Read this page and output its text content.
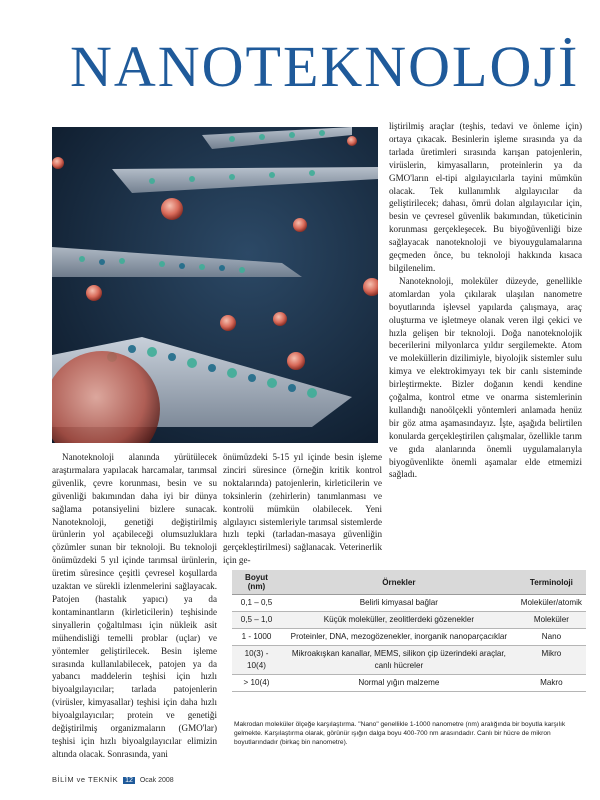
NANOTEKNOLOJİ

liştirilmiş araçlar (teşhis, tedavi ve önleme için) ortaya çıkacak. Besinlerin işleme sırasında ya da tarlada üretimleri sırasında karışan patojenlerin, virüslerin, kimyasalların, proteinlerin ya da GMO'ların el-tipi algılayıcılarla tayini mümkün olacak. Tek kullanımlık algılayıcılar da geliştirilecek; dahası, ömrü dolan algılayıcılar için, besin ve çevresel güvenlik bakımından, tüketicinin korunması gerçekleşecek. Bu biyoğüvenliği bize sağlayacak nanoteknoloji ve biyouygulamalarına geçmeden önce, bu teknoloji hakkında kısaca bilgilenelim.

Nanoteknoloji, moleküler düzeyde, genellikle atomlardan yola çıkılarak ulaşılan nanometre boyutlarında işlevsel yapılarda çalışmaya, araç oluşturma ve işletmeye olanak veren ilgi çekici ve hızla gelişen bir teknoloji. Doğa nanoteknolojik becerilerini milyonlarca yıldır sergilemekte. Atom ve moleküllerin dizilimiyle, biyolojik sistemler sulu kimya ve elektrokimyayı tek bir canlı sisteminde birleştirmekte. Bizler doğanın kendi kendine çoğalma, kontrol etme ve onarma sistemlerinin kullandığı nanoölçekli yöntemleri anlamada henüz bir göz atma aşamasındayız. İşte, aşağıda belirtilen konularda gerçekleştirilen çalışmalar, özellikle tarım ve gıda alanlarında önemli uygulamalarıyla biyogüvenlikte önemli aşamalar elde etmemizi sağladı.

Nanoteknoloji alanında yürütülecek araştırmalara yapılacak harcamalar, tarımsal güvenlik, çevre korunması, besin ve su güvenliği bakımından daha iyi bir dünya sağlama potansiyelini bizlere sunacak. Nanoteknoloji, genetiği değiştirilmiş ürünlerin yol açabileceği olumsuzluklara çözümler sunan bir teknoloji. Bu teknoloji önümüzdeki 5 yıl içinde tarımsal ürünlerin, üretim süresince çeşitli çevresel koşullarda uzaktan ve sürekli izlenmelerini sağlayacak. Patojen (hastalık yapıcı) ya da kontaminantların (kirleticilerin) teşhisinde sinyallerin çoğaltılması için nükleik asit mühendisliği temelli problar (uçlar) ve yöntemler geliştirilecek. Besin işleme sırasında kullanılabilecek, patojen ya da yabancı maddelerin teşhisi için hızlı biyoalgılayıcılar; tarlada patojenlerin (virüsler, kimyasallar) teşhisi için daha hızlı biyoalgılayıcılar; protein ve genetiği değiştirilmiş organizmaların (GMO'lar) teşhisi için hızlı biyoalgılayıcılar elimizin altında olacak. Sonrasında, yani

önümüzdeki 5-15 yıl içinde besin işleme zinciri süresince (örneğin kritik kontrol noktalarında) patojenlerin, kirleticilerin ve toksinlerin (zehirlerin) tanımlanması ve kontrolü mümkün olabilecek. Yeni algılayıcı sistemleriyle tarımsal sistemlerde hızlı tepki (tarladan-masaya güvenliğin gerçekleştirilmesi) sağlanacak. Veterinerlik için ge-

Boyut (nm)	Örnekler	Terminoloji
0,1 – 0,5	Belirli kimyasal bağlar	Moleküler/atomik
0,5 – 1,0	Küçük moleküller, zeolitlerdeki gözenekler	Moleküler
1 - 1000	Proteinler, DNA, mezogözenekler, inorganik nanoparçacıklar	Nano
10(3) - 10(4)	Mikroakışkan kanallar, MEMS, silikon çip üzerindeki araçlar, canlı hücreler	Mikro
> 10(4)	Normal yığın malzeme	Makro
Makrodan moleküler ölçeğe karşılaştırma. "Nano" genellikle 1-1000 nanometre (nm) aralığında bir boyutla karşılık gelmekte. Karşılaştırma olarak, görünür ışığın dalga boyu 400-700 nm arasındadır. Canlı bir hücre de mikron boyutlarındadır (birkaç bin nanometre).
BİLİM ve TEKNİK 12 Ocak 2008
